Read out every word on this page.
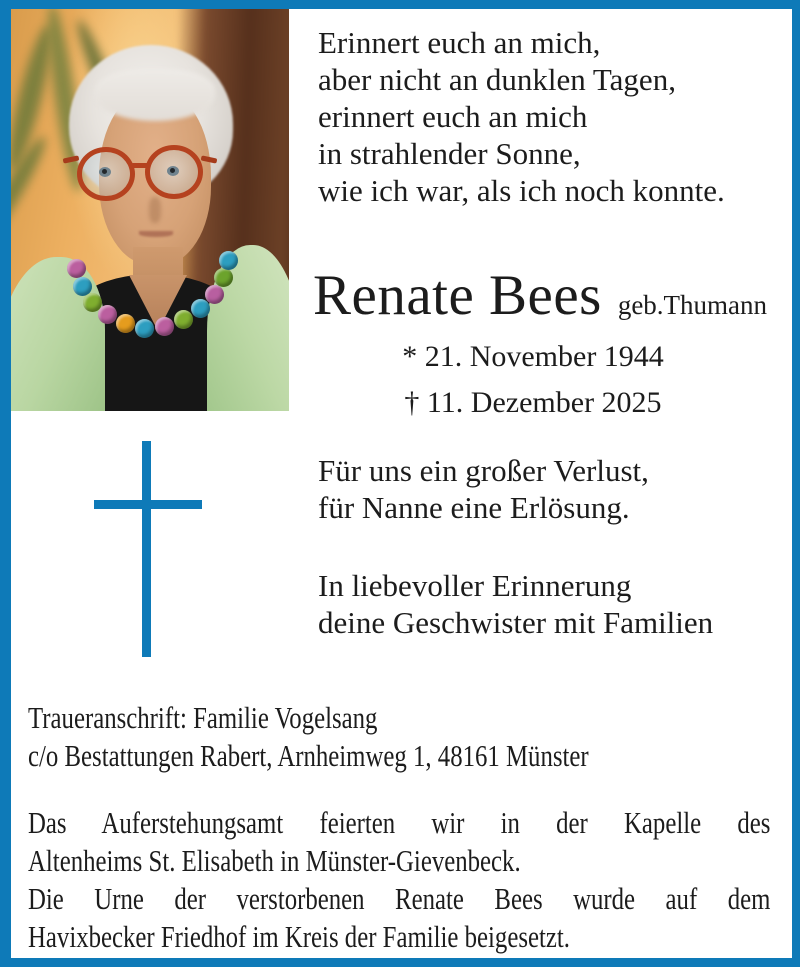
Erinnert euch an mich,
aber nicht an dunklen Tagen,
erinnert euch an mich
in strahlender Sonne,
wie ich war, als ich noch konnte.
Renate Bees geb.Thumann
* 21. November 1944
† 11. Dezember 2025
Für uns ein großer Verlust,
für Nanne eine Erlösung.
In liebevoller Erinnerung
deine Geschwister mit Familien
Traueranschrift: Familie Vogelsang
c/o Bestattungen Rabert, Arnheimweg 1, 48161 Münster
Das Auferstehungsamt feierten wir in der Kapelle des
Altenheims St. Elisabeth in Münster-Gievenbeck.
Die Urne der verstorbenen Renate Bees wurde auf dem
Havixbecker Friedhof im Kreis der Familie beigesetzt.
